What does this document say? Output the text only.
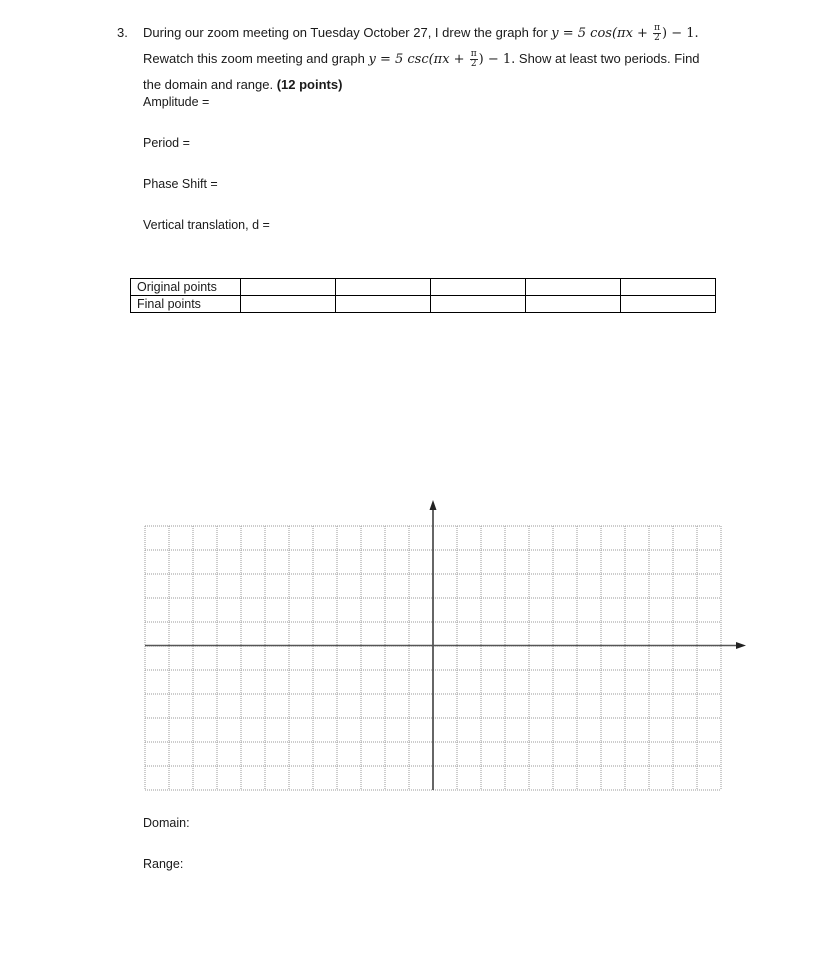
3. During our zoom meeting on Tuesday October 27, I drew the graph for y = 5 $\cos(\pi x + \frac{\pi}{2}$ ) − 1.
Rewatch this zoom meeting and graph y = 5 $\csc(\pi x + \frac{\pi}{2}$ ) − 1. Show at least two periods. Find
the domain and range. (12 points)
Amplitude =
Period =
Phase Shift =
Vertical translation, d =
Original points					
Final points					
Domain:
Range:
